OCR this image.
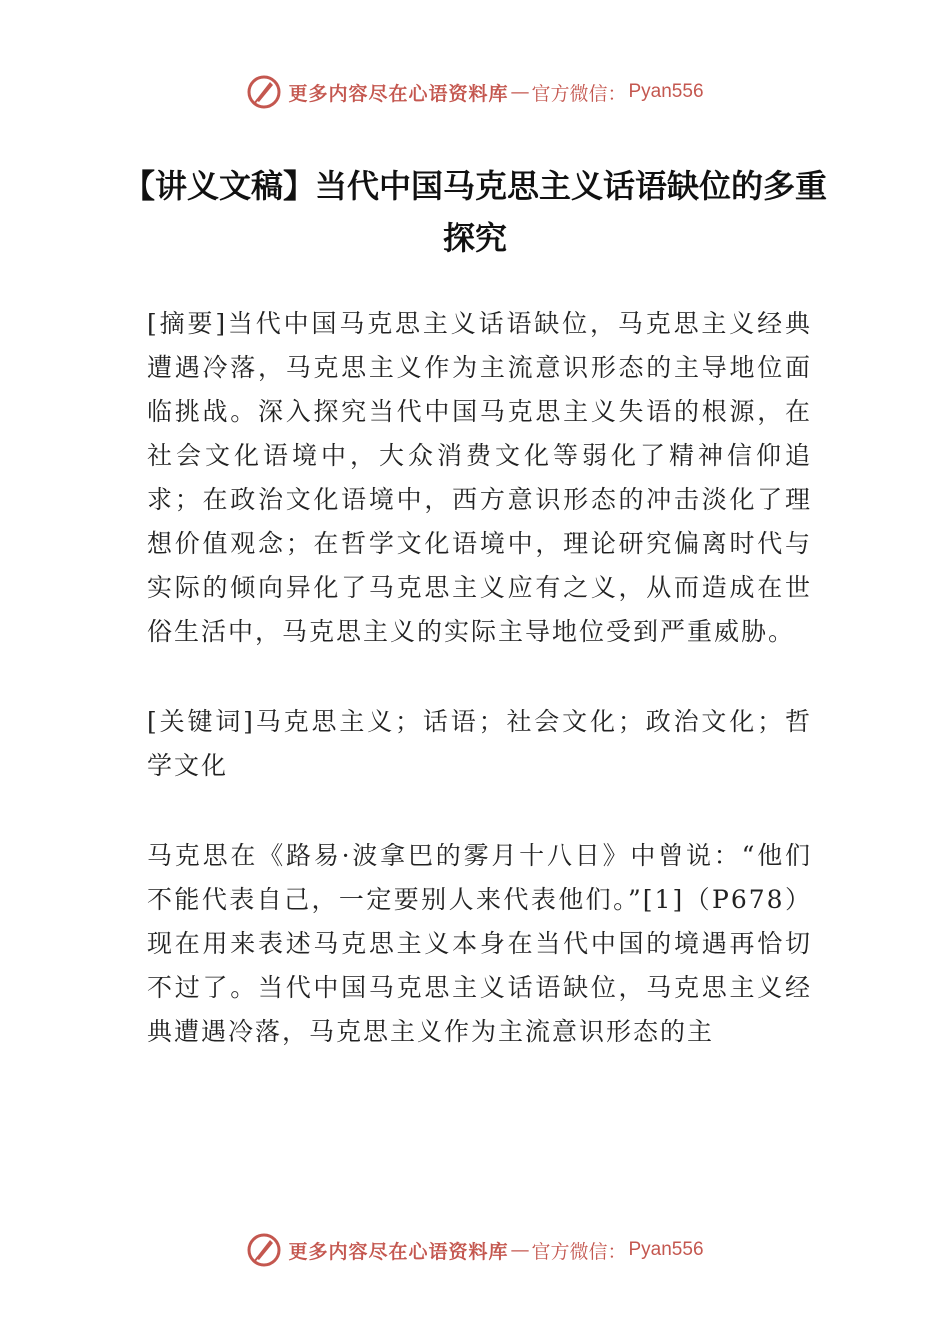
更多内容尽在心语资料库 — 官方微信： Pyan556
【讲义文稿】当代中国马克思主义话语缺位的多重探究

[摘要]当代中国马克思主义话语缺位，马克思主义经典遭遇冷落，马克思主义作为主流意识形态的主导地位面临挑战。深入探究当代中国马克思主义失语的根源，在社会文化语境中，大众消费文化等弱化了精神信仰追求；在政治文化语境中，西方意识形态的冲击淡化了理想价值观念；在哲学文化语境中，理论研究偏离时代与实际的倾向异化了马克思主义应有之义，从而造成在世俗生活中，马克思主义的实际主导地位受到严重威胁。

[关键词]马克思主义；话语；社会文化；政治文化；哲学文化

马克思在《路易·波拿巴的雾月十八日》中曾说：“他们不能代表自己，一定要别人来代表他们。”[1]（P678）现在用来表述马克思主义本身在当代中国的境遇再恰切不过了。当代中国马克思主义话语缺位，马克思主义经典遭遇冷落，马克思主义作为主流意识形态的主

更多内容尽在心语资料库 — 官方微信： Pyan556
